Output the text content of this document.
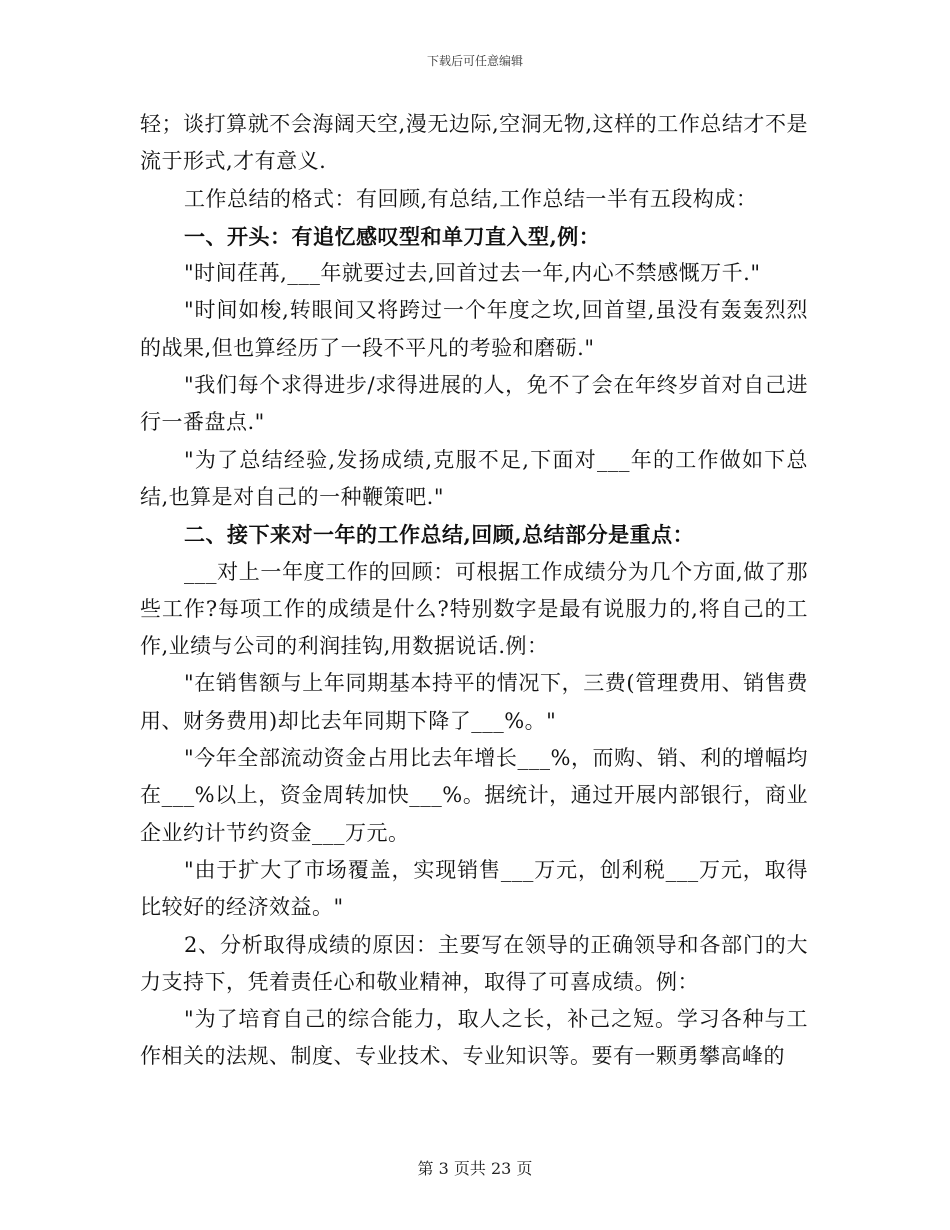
下载后可任意编辑

轻；谈打算就不会海阔天空,漫无边际,空洞无物,这样的工作总结才不是流于形式,才有意义.

工作总结的格式：有回顾,有总结,工作总结一半有五段构成：

一、开头：有追忆感叹型和单刀直入型,例：

"时间荏苒,___年就要过去,回首过去一年,内心不禁感慨万千."

"时间如梭,转眼间又将跨过一个年度之坎,回首望,虽没有轰轰烈烈的战果,但也算经历了一段不平凡的考验和磨砺."

"我们每个求得进步/求得进展的人，免不了会在年终岁首对自己进行一番盘点."

"为了总结经验,发扬成绩,克服不足,下面对___年的工作做如下总结,也算是对自己的一种鞭策吧."

二、接下来对一年的工作总结,回顾,总结部分是重点：

___对上一年度工作的回顾：可根据工作成绩分为几个方面,做了那些工作?每项工作的成绩是什么?特别数字是最有说服力的,将自己的工作,业绩与公司的利润挂钩,用数据说话.例：

"在销售额与上年同期基本持平的情况下，三费(管理费用、销售费用、财务费用)却比去年同期下降了___%。"

"今年全部流动资金占用比去年增长___%，而购、销、利的增幅均在___%以上，资金周转加快___%。据统计，通过开展内部银行，商业企业约计节约资金___万元。

"由于扩大了市场覆盖，实现销售___万元，创利税___万元，取得比较好的经济效益。"

2、分析取得成绩的原因：主要写在领导的正确领导和各部门的大力支持下，凭着责任心和敬业精神，取得了可喜成绩。例：

"为了培育自己的综合能力，取人之长，补己之短。学习各种与工作相关的法规、制度、专业技术、专业知识等。要有一颗勇攀高峰的

第 3 页共 23 页
